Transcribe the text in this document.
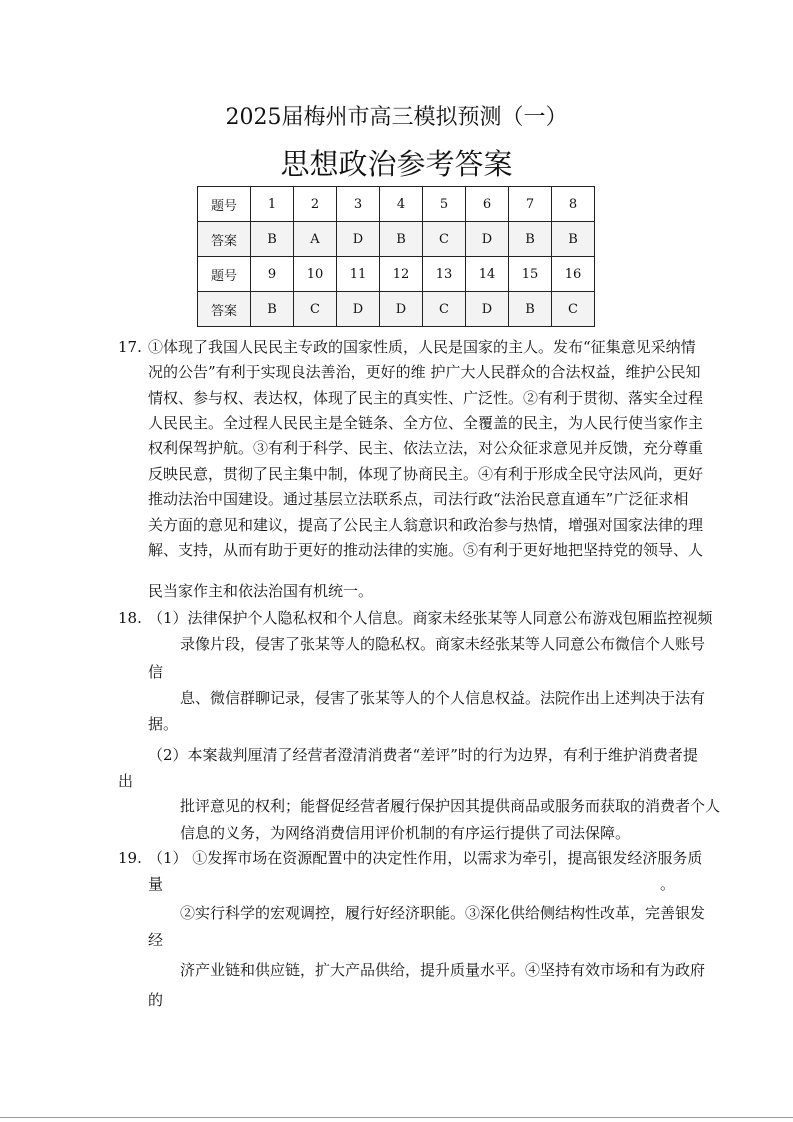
2025届梅州市高三模拟预测（一）
思想政治参考答案
题号	1	2	3	4	5	6	7	8
答案	B	A	D	B	C	D	B	B
题号	9	10	11	12	13	14	15	16
答案	B	C	D	D	C	D	B	C
17.
18.
19.
①体现了我国人民民主专政的国家性质，人民是国家的主人。发布“征集意见采纳情
况的公告”有利于实现良法善治，更好的维 护广大人民群众的合法权益，维护公民知
情权、参与权、表达权，体现了民主的真实性、广泛性。②有利于贯彻、落实全过程
人民民主。全过程人民民主是全链条、全方位、全覆盖的民主，为人民行使当家作主
权利保驾护航。③有利于科学、民主、依法立法，对公众征求意见并反馈，充分尊重
反映民意，贯彻了民主集中制，体现了协商民主。④有利于形成全民守法风尚，更好
推动法治中国建设。通过基层立法联系点，司法行政“法治民意直通车”广泛征求相
关方面的意见和建议，提高了公民主人翁意识和政治参与热情，增强对国家法律的理
解、支持，从而有助于更好的推动法律的实施。⑤有利于更好地把坚持党的领导、人
民当家作主和依法治国有机统一。
（1）法律保护个人隐私权和个人信息。商家未经张某等人同意公布游戏包厢监控视频
录像片段，侵害了张某等人的隐私权。商家未经张某等人同意公布微信个人账号
信
息、微信群聊记录，侵害了张某等人的个人信息权益。法院作出上述判决于法有
据。
（2）本案裁判厘清了经营者澄清消费者“差评”时的行为边界，有利于维护消费者提
出
批评意见的权利；能督促经营者履行保护因其提供商品或服务而获取的消费者个人
信息的义务，为网络消费信用评价机制的有序运行提供了司法保障。
（1） ①发挥市场在资源配置中的决定性作用，以需求为牵引，提高银发经济服务质
量	。
②实行科学的宏观调控，履行好经济职能。③深化供给侧结构性改革，完善银发
经
济产业链和供应链，扩大产品供给，提升质量水平。④坚持有效市场和有为政府
的
